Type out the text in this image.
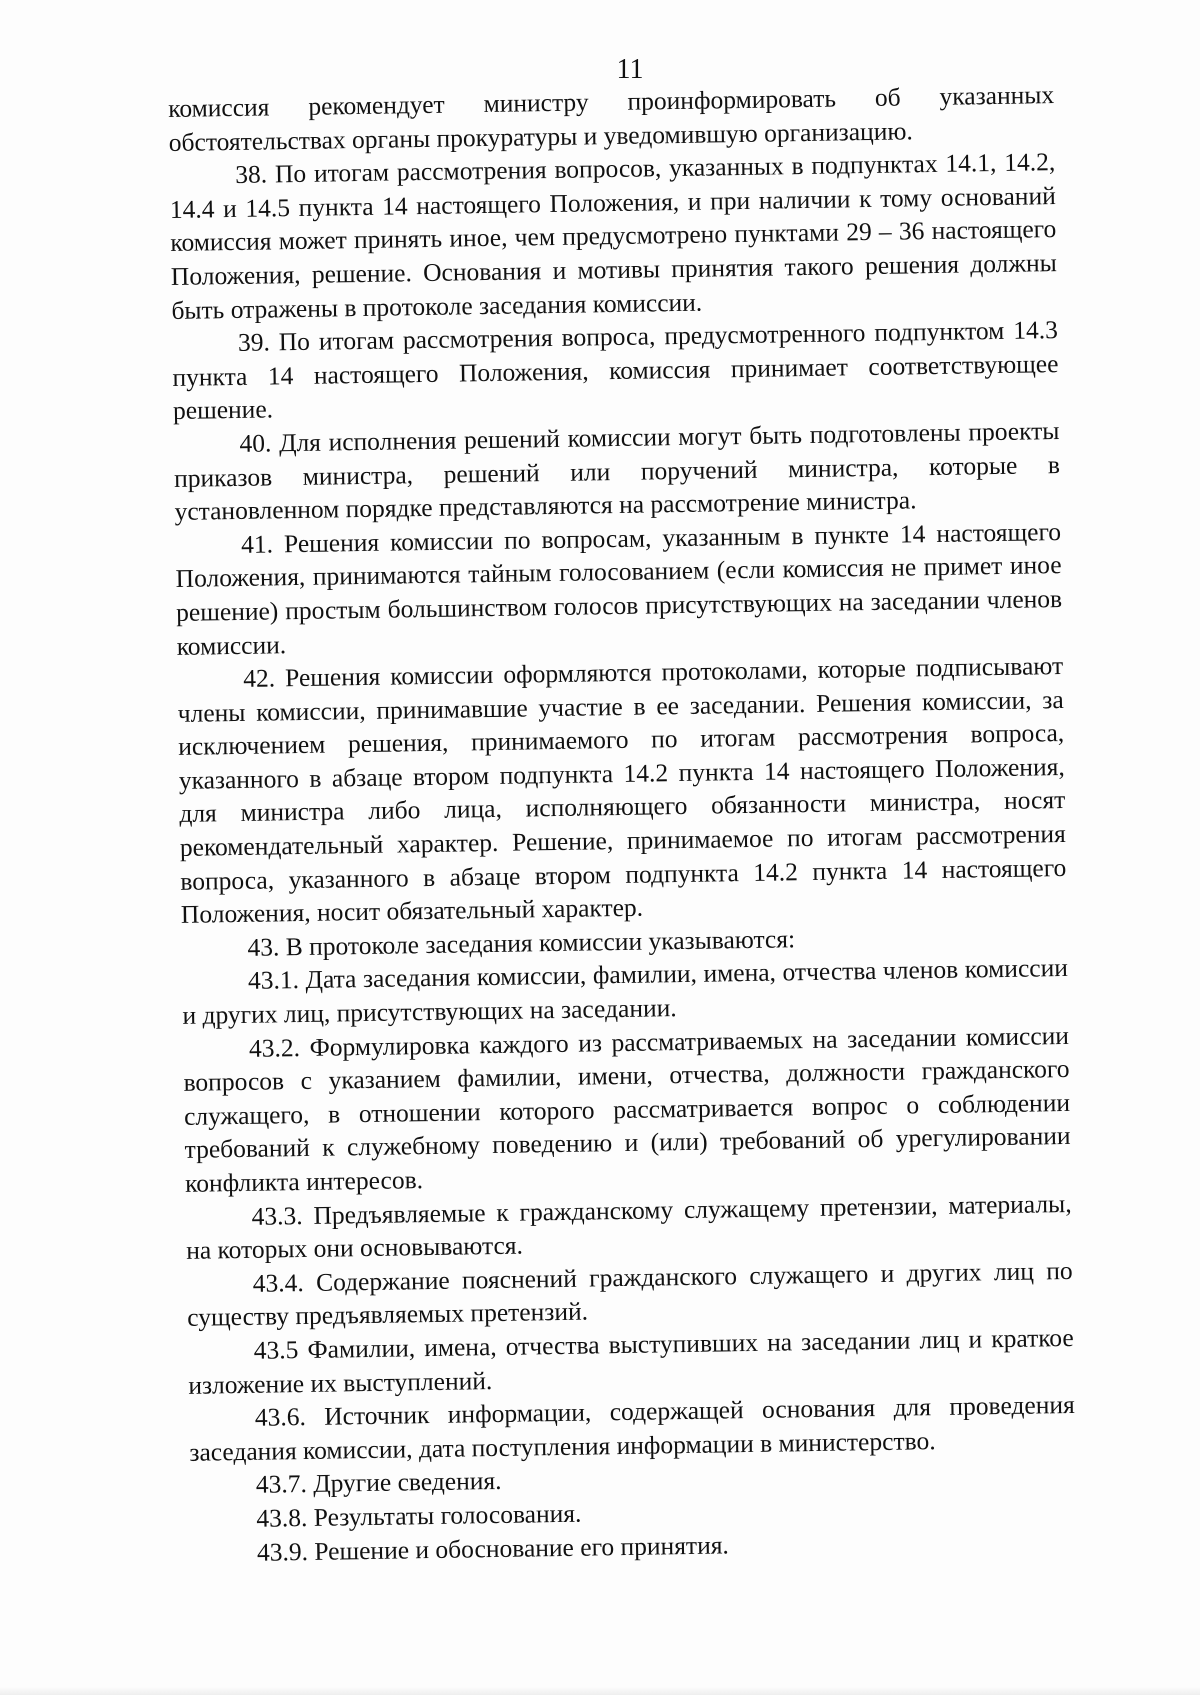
11

комиссия рекомендует министру проинформировать об указанных обстоятельствах органы прокуратуры и уведомившую организацию.

38. По итогам рассмотрения вопросов, указанных в подпунктах 14.1, 14.2, 14.4 и 14.5 пункта 14 настоящего Положения, и при наличии к тому оснований комиссия может принять иное, чем предусмотрено пунктами 29 – 36 настоящего Положения, решение. Основания и мотивы принятия такого решения должны быть отражены в протоколе заседания комиссии.

39. По итогам рассмотрения вопроса, предусмотренного подпунктом 14.3 пункта 14 настоящего Положения, комиссия принимает соответствующее решение.

40. Для исполнения решений комиссии могут быть подготовлены проекты приказов министра, решений или поручений министра, которые в установленном порядке представляются на рассмотрение министра.

41. Решения комиссии по вопросам, указанным в пункте 14 настоящего Положения, принимаются тайным голосованием (если комиссия не примет иное решение) простым большинством голосов присутствующих на заседании членов комиссии.

42. Решения комиссии оформляются протоколами, которые подписывают члены комиссии, принимавшие участие в ее заседании. Решения комиссии, за исключением решения, принимаемого по итогам рассмотрения вопроса, указанного в абзаце втором подпункта 14.2 пункта 14 настоящего Положения, для министра либо лица, исполняющего обязанности министра, носят рекомендательный характер. Решение, принимаемое по итогам рассмотрения вопроса, указанного в абзаце втором подпункта 14.2 пункта 14 настоящего Положения, носит обязательный характер.

43. В протоколе заседания комиссии указываются:

43.1. Дата заседания комиссии, фамилии, имена, отчества членов комиссии и других лиц, присутствующих на заседании.

43.2. Формулировка каждого из рассматриваемых на заседании комиссии вопросов с указанием фамилии, имени, отчества, должности гражданского служащего, в отношении которого рассматривается вопрос о соблюдении требований к служебному поведению и (или) требований об урегулировании конфликта интересов.

43.3. Предъявляемые к гражданскому служащему претензии, материалы, на которых они основываются.

43.4. Содержание пояснений гражданского служащего и других лиц по существу предъявляемых претензий.

43.5 Фамилии, имена, отчества выступивших на заседании лиц и краткое изложение их выступлений.

43.6. Источник информации, содержащей основания для проведения заседания комиссии, дата поступления информации в министерство.

43.7. Другие сведения.

43.8. Результаты голосования.

43.9. Решение и обоснование его принятия.
